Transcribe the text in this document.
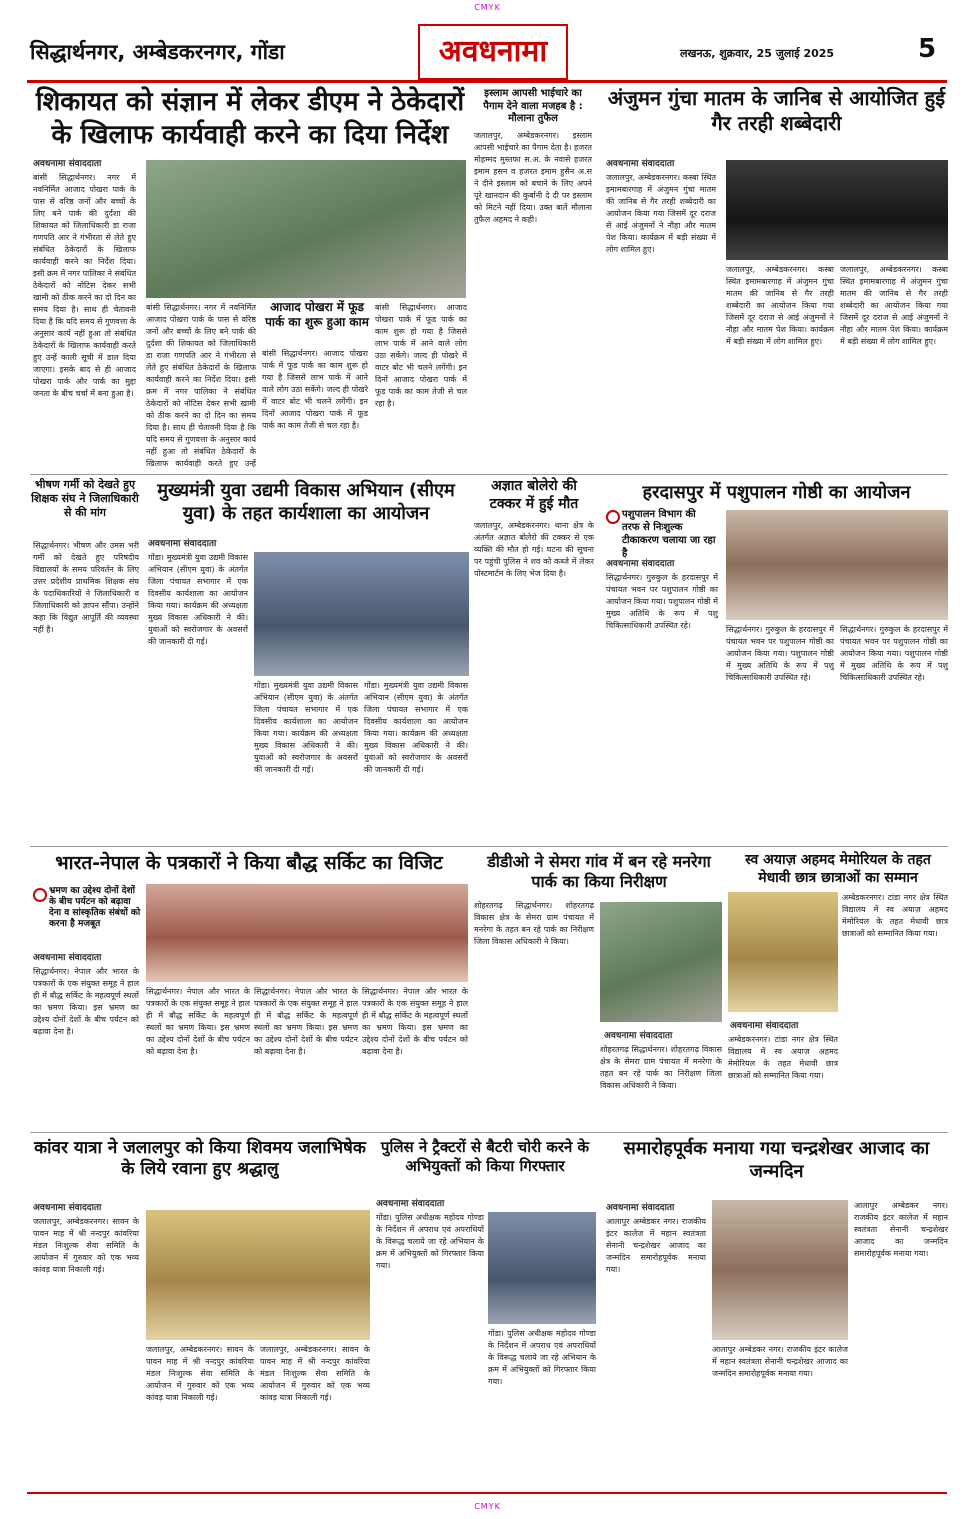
CMYK
सिद्धार्थनगर, अम्बेडकरनगर, गोंडा	अवधनामा	लखनऊ, शुक्रवार, 25 जुलाई 2025	5
शिकायत को संज्ञान में लेकर डीएम ने ठेकेदारों के खिलाफ कार्यवाही करने का दिया निर्देश
अवधनामा संवाददाता
बांसी सिद्धार्थनगर। नगर में नवनिर्मित आजाद पोखरा पार्क के पास से वरिष्ठ जनों और बच्चों के लिए बने पार्क की दुर्दशा की शिकायत को जिलाधिकारी डा राजा गणपति आर ने गंभीरता से लेते हुए संबंधित ठेकेदारों के खिलाफ कार्यवाही करने का निर्देश दिया। इसी क्रम में नगर पालिका ने संबंधित ठेकेदारों को नोटिस देकर सभी खामी को ठीक करने का दो दिन का समय दिया है। साथ ही चेतावनी दिया है कि यदि समय से गुणवत्ता के अनुसार कार्य नहीं हुआ तो संबंधित ठेकेदारों के खिलाफ कार्यवाही करते हुए उन्हें काली सूची में डाल दिया जाएगा। इसके बाद से ही आजाद पोखरा पार्क और पार्क का मुद्दा जनता के बीच चर्चा में बना हुआ है।
बांसी सिद्धार्थनगर। नगर में नवनिर्मित आजाद पोखरा पार्क के पास से वरिष्ठ जनों और बच्चों के लिए बने पार्क की दुर्दशा की शिकायत को जिलाधिकारी डा राजा गणपति आर ने गंभीरता से लेते हुए संबंधित ठेकेदारों के खिलाफ कार्यवाही करने का निर्देश दिया। इसी क्रम में नगर पालिका ने संबंधित ठेकेदारों को नोटिस देकर सभी खामी को ठीक करने का दो दिन का समय दिया है। साथ ही चेतावनी दिया है कि यदि समय से गुणवत्ता के अनुसार कार्य नहीं हुआ तो संबंधित ठेकेदारों के खिलाफ कार्यवाही करते हुए उन्हें
आजाद पोखरा में फूड पार्क का शुरू हुआ काम
बांसी सिद्धार्थनगर। आजाद पोखरा पार्क में फूड पार्क का काम शुरू हो गया है जिससे लाभ पार्क में आने वाले लोग उठा सकेंगे। जल्द ही पोखरे में वाटर बोट भी चलने लगेंगी। इन दिनों आजाद पोखरा पार्क में फूड पार्क का काम तेजी से चल रहा है।
बांसी सिद्धार्थनगर। आजाद पोखरा पार्क में फूड पार्क का काम शुरू हो गया है जिससे लाभ पार्क में आने वाले लोग उठा सकेंगे। जल्द ही पोखरे में वाटर बोट भी चलने लगेंगी। इन दिनों आजाद पोखरा पार्क में फूड पार्क का काम तेजी से चल रहा है।
इस्लाम आपसी भाईचारे का पैगाम देने वाला मजहब है : मौलाना तुफैल
जलालपुर, अम्बेडकरनगर। इस्लाम आपसी भाईचारे का पैगाम देता है। हजरत मोहम्मद मुस्तफा स.अ. के नवासे हजरत इमाम हसन व हजरत इमाम हुसैन अ.स ने दीने इस्लाम को बचाने के लिए अपने पूरे खानदान की कुर्बानी दे दी पर इस्लाम को मिटने नहीं दिया। उक्त बातें मौलाना तुफैल अहमद ने कही।
अंजुमन गुंचा मातम के जानिब से आयोजित हुई गैर तरही शब्बेदारी
अवधनामा संवाददाता
जलालपुर, अम्बेडकरनगर। कस्बा स्थित इमामबारगाह में अंजुमन गुंचा मातम की जानिब से गैर तरही शब्बेदारी का आयोजन किया गया जिसमें दूर दराज से आई अंजुमनों ने नौहा और मातम पेश किया। कार्यक्रम में बड़ी संख्या में लोग शामिल हुए।
जलालपुर, अम्बेडकरनगर। कस्बा स्थित इमामबारगाह में अंजुमन गुंचा मातम की जानिब से गैर तरही शब्बेदारी का आयोजन किया गया जिसमें दूर दराज से आई अंजुमनों ने नौहा और मातम पेश किया। कार्यक्रम में बड़ी संख्या में लोग शामिल हुए।
जलालपुर, अम्बेडकरनगर। कस्बा स्थित इमामबारगाह में अंजुमन गुंचा मातम की जानिब से गैर तरही शब्बेदारी का आयोजन किया गया जिसमें दूर दराज से आई अंजुमनों ने नौहा और मातम पेश किया। कार्यक्रम में बड़ी संख्या में लोग शामिल हुए।
भीषण गर्मी को देखते हुए शिक्षक संघ ने जिलाधिकारी से की मांग
सिद्धार्थनगर। भीषण और उमस भरी गर्मी को देखते हुए परिषदीय विद्यालयों के समय परिवर्तन के लिए उत्तर प्रदेशीय प्राथमिक शिक्षक संघ के पदाधिकारियों ने जिलाधिकारी व जिलाधिकारी को ज्ञापन सौंपा। उन्होंने कहा कि विद्युत आपूर्ति की व्यवस्था नहीं है।
मुख्यमंत्री युवा उद्यमी विकास अभियान (सीएम युवा) के तहत कार्यशाला का आयोजन
अवधनामा संवाददाता
गोंडा। मुख्यमंत्री युवा उद्यमी विकास अभियान (सीएम युवा) के अंतर्गत जिला पंचायत सभागार में एक दिवसीय कार्यशाला का आयोजन किया गया। कार्यक्रम की अध्यक्षता मुख्य विकास अधिकारी ने की। युवाओं को स्वरोजगार के अवसरों की जानकारी दी गई।
गोंडा। मुख्यमंत्री युवा उद्यमी विकास अभियान (सीएम युवा) के अंतर्गत जिला पंचायत सभागार में एक दिवसीय कार्यशाला का आयोजन किया गया। कार्यक्रम की अध्यक्षता मुख्य विकास अधिकारी ने की। युवाओं को स्वरोजगार के अवसरों की जानकारी दी गई।
गोंडा। मुख्यमंत्री युवा उद्यमी विकास अभियान (सीएम युवा) के अंतर्गत जिला पंचायत सभागार में एक दिवसीय कार्यशाला का आयोजन किया गया। कार्यक्रम की अध्यक्षता मुख्य विकास अधिकारी ने की। युवाओं को स्वरोजगार के अवसरों की जानकारी दी गई।
अज्ञात बोलेरो की टक्कर में हुई मौत
जलालपुर, अम्बेडकरनगर। थाना क्षेत्र के अंतर्गत अज्ञात बोलेरो की टक्कर से एक व्यक्ति की मौत हो गई। घटना की सूचना पर पहुंची पुलिस ने शव को कब्जे में लेकर पोस्टमार्टम के लिए भेज दिया है।
हरदासपुर में पशुपालन गोष्ठी का आयोजन
पशुपालन विभाग की तरफ से निःशुल्क टीकाकरण चलाया जा रहा है
अवधनामा संवाददाता
सिद्धार्थनगर। गुरुकुल के हरदासपुर में पंचायत भवन पर पशुपालन गोष्ठी का आयोजन किया गया। पशुपालन गोष्ठी में मुख्य अतिथि के रूप में पशु चिकित्साधिकारी उपस्थित रहे।	सिद्धार्थनगर। गुरुकुल के हरदासपुर में पंचायत भवन पर पशुपालन गोष्ठी का आयोजन किया गया। पशुपालन गोष्ठी में मुख्य अतिथि के रूप में पशु चिकित्साधिकारी उपस्थित रहे।
सिद्धार्थनगर। गुरुकुल के हरदासपुर में पंचायत भवन पर पशुपालन गोष्ठी का आयोजन किया गया। पशुपालन गोष्ठी में मुख्य अतिथि के रूप में पशु चिकित्साधिकारी उपस्थित रहे।
भारत-नेपाल के पत्रकारों ने किया बौद्ध सर्किट का विजिट
भ्रमण का उद्देश्य दोनों देशों के बीच पर्यटन को बढ़ावा देना व सांस्कृतिक संबंधों को करना है मजबूत
अवधनामा संवाददाता
सिद्धार्थनगर। नेपाल और भारत के पत्रकारों के एक संयुक्त समूह ने हाल ही में बौद्ध सर्किट के महत्वपूर्ण स्थलों का भ्रमण किया। इस भ्रमण का उद्देश्य दोनों देशों के बीच पर्यटन को बढ़ावा देना है।
सिद्धार्थनगर। नेपाल और भारत के पत्रकारों के एक संयुक्त समूह ने हाल ही में बौद्ध सर्किट के महत्वपूर्ण स्थलों का भ्रमण किया। इस भ्रमण का उद्देश्य दोनों देशों के बीच पर्यटन को बढ़ावा देना है।
सिद्धार्थनगर। नेपाल और भारत के पत्रकारों के एक संयुक्त समूह ने हाल ही में बौद्ध सर्किट के महत्वपूर्ण स्थलों का भ्रमण किया। इस भ्रमण का उद्देश्य दोनों देशों के बीच पर्यटन को बढ़ावा देना है।
सिद्धार्थनगर। नेपाल और भारत के पत्रकारों के एक संयुक्त समूह ने हाल ही में बौद्ध सर्किट के महत्वपूर्ण स्थलों का भ्रमण किया। इस भ्रमण का उद्देश्य दोनों देशों के बीच पर्यटन को बढ़ावा देना है।
डीडीओ ने सेमरा गांव में बन रहे मनरेगा पार्क का किया निरीक्षण
शोहरतगढ़ सिद्धार्थनगर। शोहरतगढ़ विकास क्षेत्र के सेमरा ग्राम पंचायत में मनरेगा के तहत बन रहे पार्क का निरीक्षण जिला विकास अधिकारी ने किया।
अवधनामा संवाददाता
शोहरतगढ़ सिद्धार्थनगर। शोहरतगढ़ विकास क्षेत्र के सेमरा ग्राम पंचायत में मनरेगा के तहत बन रहे पार्क का निरीक्षण जिला विकास अधिकारी ने किया।
स्व अयाज़ अहमद मेमोरियल के तहत मेधावी छात्र छात्राओं का सम्मान
अम्बेडकरनगर। टांडा नगर क्षेत्र स्थित विद्यालय में स्व अयाज़ अहमद मेमोरियल के तहत मेधावी छात्र छात्राओं को सम्मानित किया गया।
अवधनामा संवाददाता
अम्बेडकरनगर। टांडा नगर क्षेत्र स्थित विद्यालय में स्व अयाज़ अहमद मेमोरियल के तहत मेधावी छात्र छात्राओं को सम्मानित किया गया।
कांवर यात्रा ने जलालपुर को किया शिवमय जलाभिषेक के लिये रवाना हुए श्रद्धालु
अवधनामा संवाददाता
जलालपुर, अम्बेडकरनगर। सावन के पावन माह में श्री नन्दपुर कांवरिया मंडल निःशुल्क सेवा समिति के आयोजन में गुरुवार को एक भव्य कांवड़ यात्रा निकाली गई।
जलालपुर, अम्बेडकरनगर। सावन के पावन माह में श्री नन्दपुर कांवरिया मंडल निःशुल्क सेवा समिति के आयोजन में गुरुवार को एक भव्य कांवड़ यात्रा निकाली गई।
जलालपुर, अम्बेडकरनगर। सावन के पावन माह में श्री नन्दपुर कांवरिया मंडल निःशुल्क सेवा समिति के आयोजन में गुरुवार को एक भव्य कांवड़ यात्रा निकाली गई।
पुलिस ने ट्रैक्टरों से बैटरी चोरी करने के अभियुक्तों को किया गिरफ्तार
अवधनामा संवाददाता
गोंडा। पुलिस अधीक्षक महोदय गोण्डा के निर्देशन में अपराध एवं अपराधियों के विरूद्ध चलाये जा रहे अभियान के क्रम में अभियुक्तों को गिरफ्तार किया गया।
गोंडा। पुलिस अधीक्षक महोदय गोण्डा के निर्देशन में अपराध एवं अपराधियों के विरूद्ध चलाये जा रहे अभियान के क्रम में अभियुक्तों को गिरफ्तार किया गया।
समारोहपूर्वक मनाया गया चन्द्रशेखर आजाद का जन्मदिन
अवधनामा संवाददाता
आलापुर अम्बेडकर नगर। राजकीय इंटर कालेज में महान स्वतंत्रता सेनानी चन्द्रशेखर आजाद का जन्मदिन समारोहपूर्वक मनाया गया।
आलापुर अम्बेडकर नगर। राजकीय इंटर कालेज में महान स्वतंत्रता सेनानी चन्द्रशेखर आजाद का जन्मदिन समारोहपूर्वक मनाया गया।
आलापुर अम्बेडकर नगर। राजकीय इंटर कालेज में महान स्वतंत्रता सेनानी चन्द्रशेखर आजाद का जन्मदिन समारोहपूर्वक मनाया गया।
CMYK
